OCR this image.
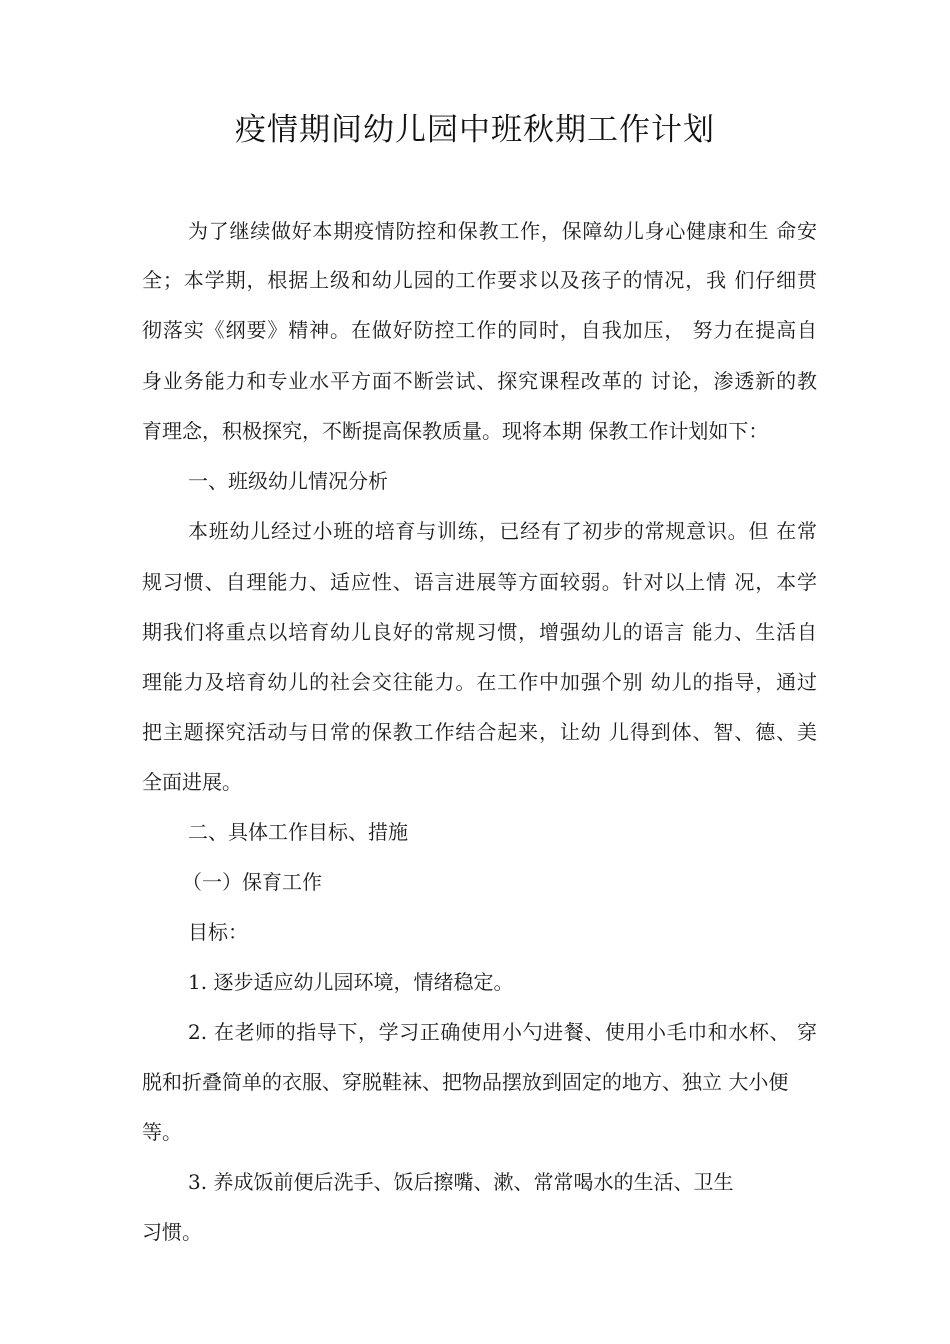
疫情期间幼儿园中班秋期工作计划
为了继续做好本期疫情防控和保教工作，保障幼儿身心健康和生 命安
全；本学期，根据上级和幼儿园的工作要求以及孩子的情况，我 们仔细贯
彻落实《纲要》精神。在做好防控工作的同时，自我加压， 努力在提高自
身业务能力和专业水平方面不断尝试、探究课程改革的 讨论，渗透新的教
育理念，积极探究，不断提高保教质量。现将本期 保教工作计划如下：
一、班级幼儿情况分析
本班幼儿经过小班的培育与训练，已经有了初步的常规意识。但 在常
规习惯、自理能力、适应性、语言进展等方面较弱。针对以上情 况，本学
期我们将重点以培育幼儿良好的常规习惯，增强幼儿的语言 能力、生活自
理能力及培育幼儿的社会交往能力。在工作中加强个别 幼儿的指导，通过
把主题探究活动与日常的保教工作结合起来，让幼 儿得到体、智、德、美
全面进展。
二、具体工作目标、措施
（一）保育工作
目标：
1. 逐步适应幼儿园环境，情绪稳定。
2. 在老师的指导下，学习正确使用小勺进餐、使用小毛巾和水杯、 穿
脱和折叠简单的衣服、穿脱鞋袜、把物品摆放到固定的地方、独立 大小便
等。
3. 养成饭前便后洗手、饭后擦嘴、漱、常常喝水的生活、卫生
习惯。
